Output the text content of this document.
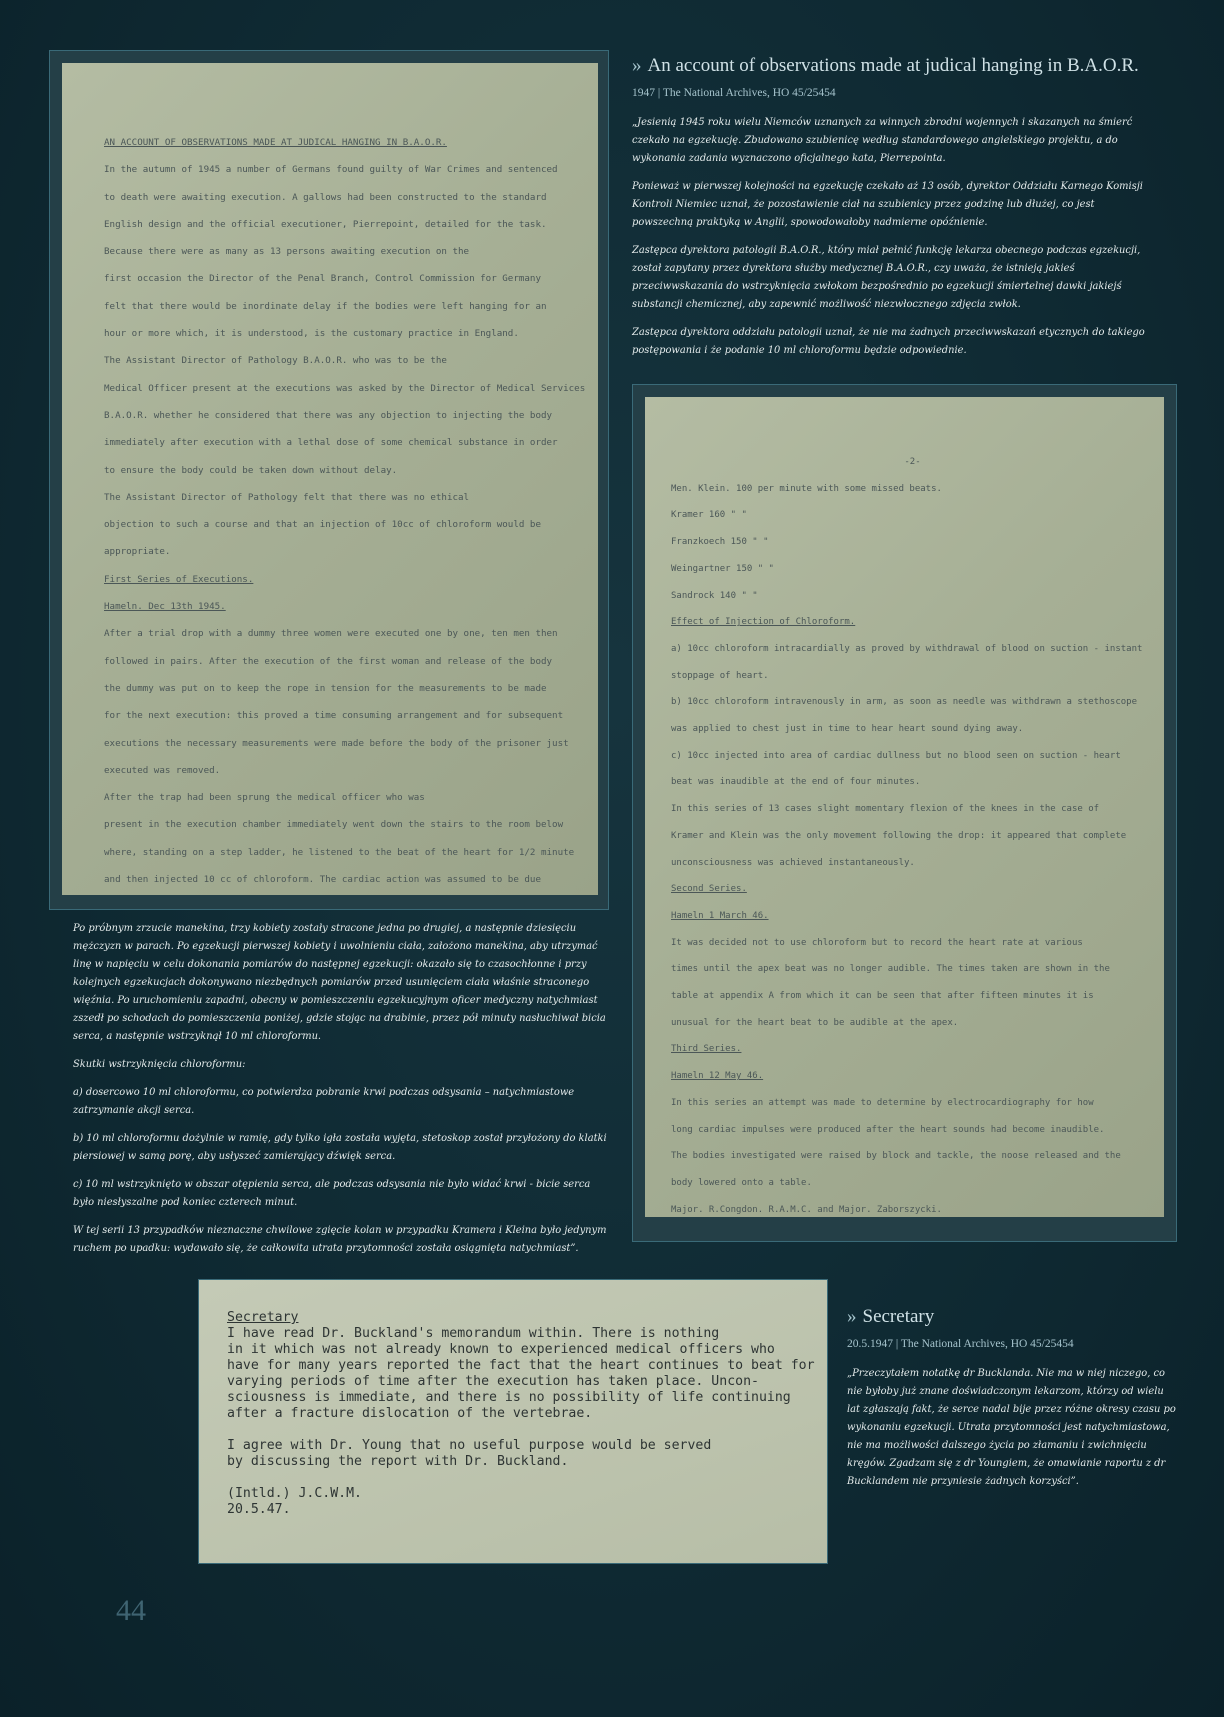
AN ACCOUNT OF OBSERVATIONS MADE AT JUDICAL HANGING IN B.A.O.R.

In the autumn of 1945 a number of Germans found guilty of War Crimes and sentenced

to death were awaiting execution. A gallows had been constructed to the standard

English design and the official executioner, Pierrepoint, detailed for the task.

Because there were as many as 13 persons awaiting execution on the

first occasion the Director of the Penal Branch, Control Commission for Germany

felt that there would be inordinate delay if the bodies were left hanging for an

hour or more which, it is understood, is the customary practice in England.

The Assistant Director of Pathology B.A.O.R. who was to be the

Medical Officer present at the executions was asked by the Director of Medical Services

B.A.O.R. whether he considered that there was any objection to injecting the body

immediately after execution with a lethal dose of some chemical substance in order

to ensure the body could be taken down without delay.

The Assistant Director of Pathology felt that there was no ethical

objection to such a course and that an injection of 10cc of chloroform would be

appropriate.

First Series of Executions.

Hameln. Dec 13th 1945.

After a trial drop with a dummy three women were executed one by one, ten men then

followed in pairs. After the execution of the first woman and release of the body

the dummy was put on to keep the rope in tension for the measurements to be made

for the next execution: this proved a time consuming arrangement and for subsequent

executions the necessary measurements were made before the body of the prisoner just

executed was removed.

After the trap had been sprung the medical officer who was

present in the execution chamber immediately went down the stairs to the room below

where, standing on a step ladder, he listened to the beat of the heart for 1/2 minute

and then injected 10 cc of chloroform. The cardiac action was assumed to be due

» An account of observations made at judical hanging in B.A.O.R.

1947 | The National Archives, HO 45/25454

„Jesienią 1945 roku wielu Niemców uznanych za winnych zbrodni wojennych i skazanych na śmierć czekało na egzekucję. Zbudowano szubienicę według standardowego angielskiego projektu, a do wykonania zadania wyznaczono oficjalnego kata, Pierrepointa.

Ponieważ w pierwszej kolejności na egzekucję czekało aż 13 osób, dyrektor Oddziału Karnego Komisji Kontroli Niemiec uznał, że pozostawienie ciał na szubienicy przez godzinę lub dłużej, co jest powszechną praktyką w Anglii, spowodowałoby nadmierne opóźnienie.

Zastępca dyrektora patologii B.A.O.R., który miał pełnić funkcję lekarza obecnego podczas egzekucji, został zapytany przez dyrektora służby medycznej B.A.O.R., czy uważa, że istnieją jakieś przeciwwskazania do wstrzyknięcia zwłokom bezpośrednio po egzekucji śmiertelnej dawki jakiejś substancji chemicznej, aby zapewnić możliwość niezwłocznego zdjęcia zwłok.

Zastępca dyrektora oddziału patologii uznał, że nie ma żadnych przeciwwskazań etycznych do takiego postępowania i że podanie 10 ml chloroformu będzie odpowiednie.

-2-

Men. Klein. 100 per minute with some missed beats.

Kramer 160 " "

Franzkoech 150 " "

Weingartner 150 " "

Sandrock 140 " "

Effect of Injection of Chloroform.

a) 10cc chloroform intracardially as proved by withdrawal of blood on suction - instant

stoppage of heart.

b) 10cc chloroform intravenously in arm, as soon as needle was withdrawn a stethoscope

was applied to chest just in time to hear heart sound dying away.

c) 10cc injected into area of cardiac dullness but no blood seen on suction - heart

beat was inaudible at the end of four minutes.

In this series of 13 cases slight momentary flexion of the knees in the case of

Kramer and Klein was the only movement following the drop: it appeared that complete

unconsciousness was achieved instantaneously.

Second Series.

Hameln 1 March 46.

It was decided not to use chloroform but to record the heart rate at various

times until the apex beat was no longer audible. The times taken are shown in the

table at appendix A from which it can be seen that after fifteen minutes it is

unusual for the heart beat to be audible at the apex.

Third Series.

Hameln 12 May 46.

In this series an attempt was made to determine by electrocardiography for how

long cardiac impulses were produced after the heart sounds had become inaudible.

The bodies investigated were raised by block and tackle, the noose released and the

body lowered onto a table.

Major. R.Congdon. R.A.M.C. and Major. Zaborszycki.

Po próbnym zrzucie manekina, trzy kobiety zostały stracone jedna po drugiej, a następnie dziesięciu mężczyzn w parach. Po egzekucji pierwszej kobiety i uwolnieniu ciała, założono manekina, aby utrzymać linę w napięciu w celu dokonania pomiarów do następnej egzekucji: okazało się to czasochłonne i przy kolejnych egzekucjach dokonywano niezbędnych pomiarów przed usunięciem ciała właśnie straconego więźnia. Po uruchomieniu zapadni, obecny w pomieszczeniu egzekucyjnym oficer medyczny natychmiast zszedł po schodach do pomieszczenia poniżej, gdzie stojąc na drabinie, przez pół minuty nasłuchiwał bicia serca, a następnie wstrzyknął 10 ml chloroformu.

Skutki wstrzyknięcia chloroformu:

a) dosercowo 10 ml chloroformu, co potwierdza pobranie krwi podczas odsysania – natychmiastowe zatrzymanie akcji serca.

b) 10 ml chloroformu dożylnie w ramię, gdy tylko igła została wyjęta, stetoskop został przyłożony do klatki piersiowej w samą porę, aby usłyszeć zamierający dźwięk serca.

c) 10 ml wstrzyknięto w obszar otępienia serca, ale podczas odsysania nie było widać krwi - bicie serca było niesłyszalne pod koniec czterech minut.

W tej serii 13 przypadków nieznaczne chwilowe zgięcie kolan w przypadku Kramera i Kleina było jedynym ruchem po upadku: wydawało się, że całkowita utrata przytomności została osiągnięta natychmiast”.

Secretary

I have read Dr. Buckland's memorandum within. There is nothing

in it which was not already known to experienced medical officers who

have for many years reported the fact that the heart continues to beat for

varying periods of time after the execution has taken place. Uncon-

sciousness is immediate, and there is no possibility of life continuing

after a fracture dislocation of the vertebrae.

I agree with Dr. Young that no useful purpose would be served

by discussing the report with Dr. Buckland.

(Intld.) J.C.W.M.

20.5.47.

» Secretary

20.5.1947 | The National Archives, HO 45/25454

„Przeczytałem notatkę dr Bucklanda. Nie ma w niej niczego, co nie byłoby już znane doświadczonym lekarzom, którzy od wielu lat zgłaszają fakt, że serce nadal bije przez różne okresy czasu po wykonaniu egzekucji. Utrata przytomności jest natychmiastowa, nie ma możliwości dalszego życia po złamaniu i zwichnięciu kręgów. Zgadzam się z dr Youngiem, że omawianie raportu z dr Bucklandem nie przyniesie żadnych korzyści”.

44
